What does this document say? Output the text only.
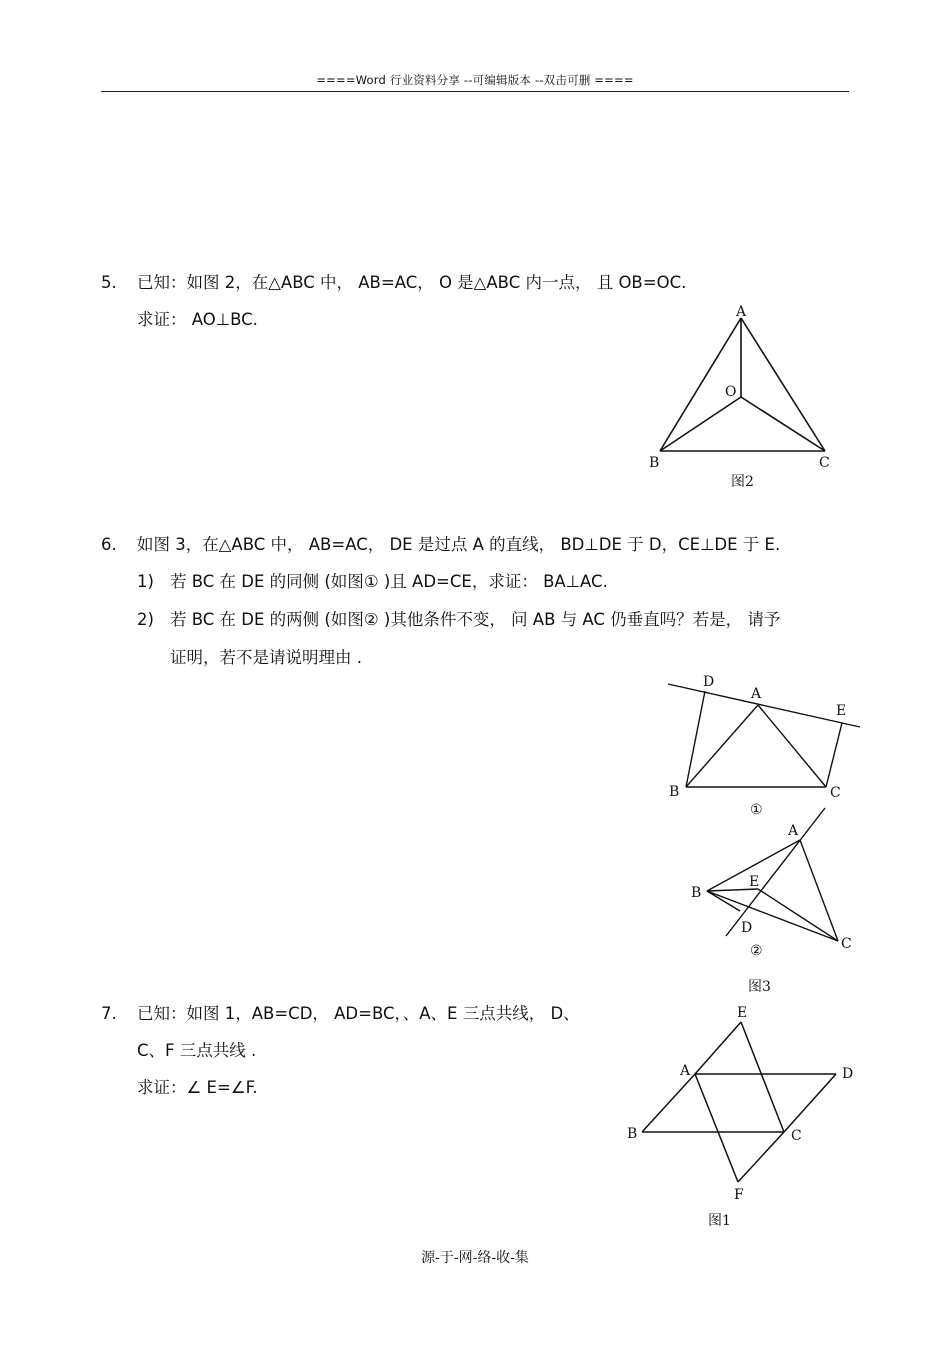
====Word 行业资料分享 --可编辑版本 --双击可删 ====
5. 已知：如图 2，在△ABC 中， AB=AC， O 是△ABC 内一点， 且 OB=OC.
求证： AO⊥BC.	A
O
B	C
图2
6. 如图 3，在△ABC 中， AB=AC， DE 是过点 A 的直线， BD⊥DE 于 D，CE⊥DE 于 E.
1) 若 BC 在 DE 的同侧 (如图① )且 AD=CE，求证： BA⊥AC.
2) 若 BC 在 DE 的两侧 (如图② )其他条件不变， 问 AB 与 AC 仍垂直吗？若是， 请予
证明，若不是请说明理由 .
D
A
E
B	C
①
A
B
E
D
C
②
图3
7. 已知：如图 1，AB=CD， AD=BC，、A、E 三点共线， D、
C、F 三点共线 .
求证：∠ E=∠F.
E
A	D
B	C
F
图1
源-于-网-络-收-集
